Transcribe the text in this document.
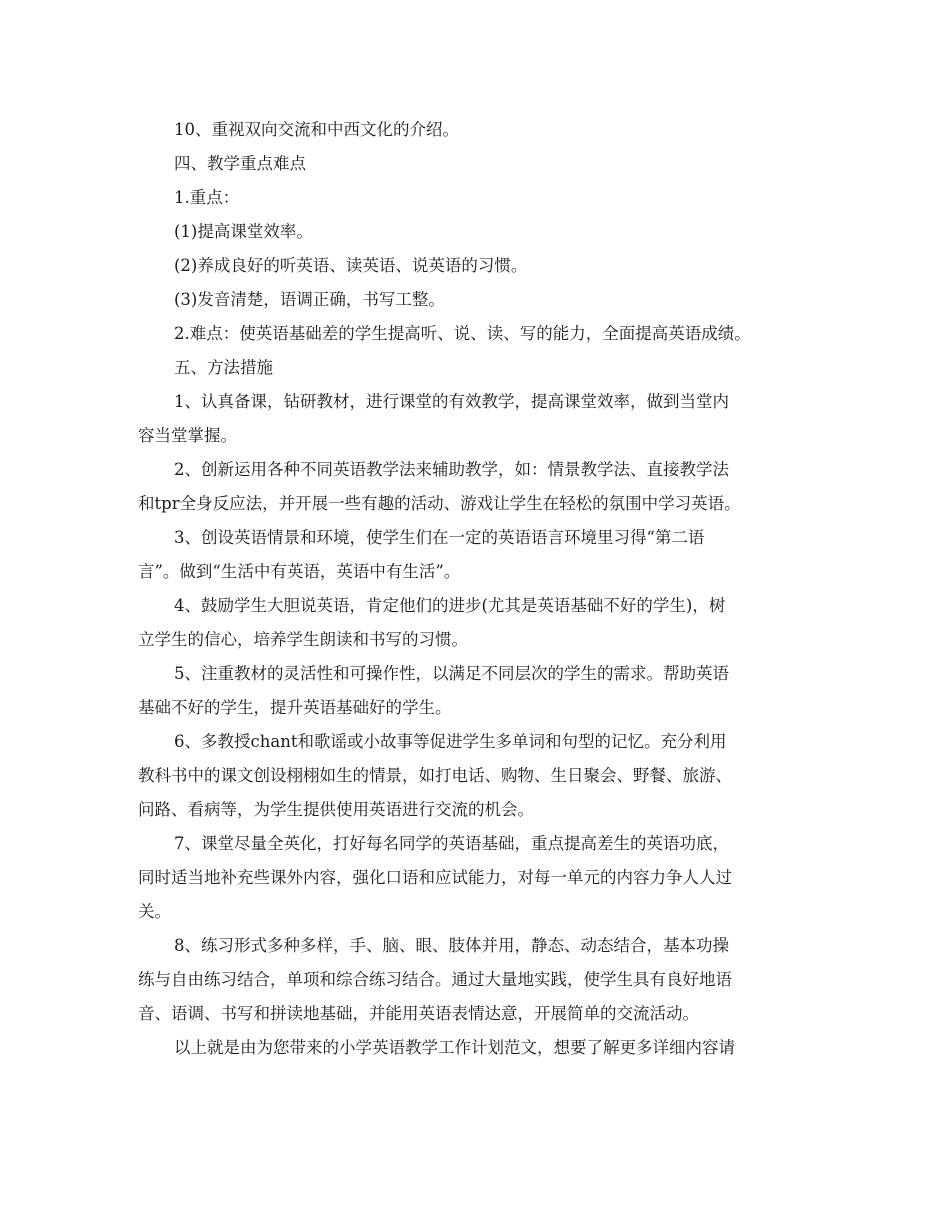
10、重视双向交流和中西文化的介绍。
四、教学重点难点
1.重点：
(1)提高课堂效率。
(2)养成良好的听英语、读英语、说英语的习惯。
(3)发音清楚，语调正确，书写工整。
2.难点：使英语基础差的学生提高听、说、读、写的能力，全面提高英语成绩。
五、方法措施
1、认真备课，钻研教材，进行课堂的有效教学，提高课堂效率，做到当堂内
容当堂掌握。
2、创新运用各种不同英语教学法来辅助教学，如：情景教学法、直接教学法
和tpr全身反应法，并开展一些有趣的活动、游戏让学生在轻松的氛围中学习英语。
3、创设英语情景和环境，使学生们在一定的英语语言环境里习得“第二语
言”。做到“生活中有英语，英语中有生活”。
4、鼓励学生大胆说英语，肯定他们的进步(尤其是英语基础不好的学生)，树
立学生的信心，培养学生朗读和书写的习惯。
5、注重教材的灵活性和可操作性，以满足不同层次的学生的需求。帮助英语
基础不好的学生，提升英语基础好的学生。
6、多教授chant和歌谣或小故事等促进学生多单词和句型的记忆。充分利用
教科书中的课文创设栩栩如生的情景，如打电话、购物、生日聚会、野餐、旅游、
问路、看病等，为学生提供使用英语进行交流的机会。
7、课堂尽量全英化，打好每名同学的英语基础，重点提高差生的英语功底，
同时适当地补充些课外内容，强化口语和应试能力，对每一单元的内容力争人人过
关。
8、练习形式多种多样，手、脑、眼、肢体并用，静态、动态结合，基本功操
练与自由练习结合，单项和综合练习结合。通过大量地实践，使学生具有良好地语
音、语调、书写和拼读地基础，并能用英语表情达意，开展简单的交流活动。
以上就是由为您带来的小学英语教学工作计划范文，想要了解更多详细内容请
